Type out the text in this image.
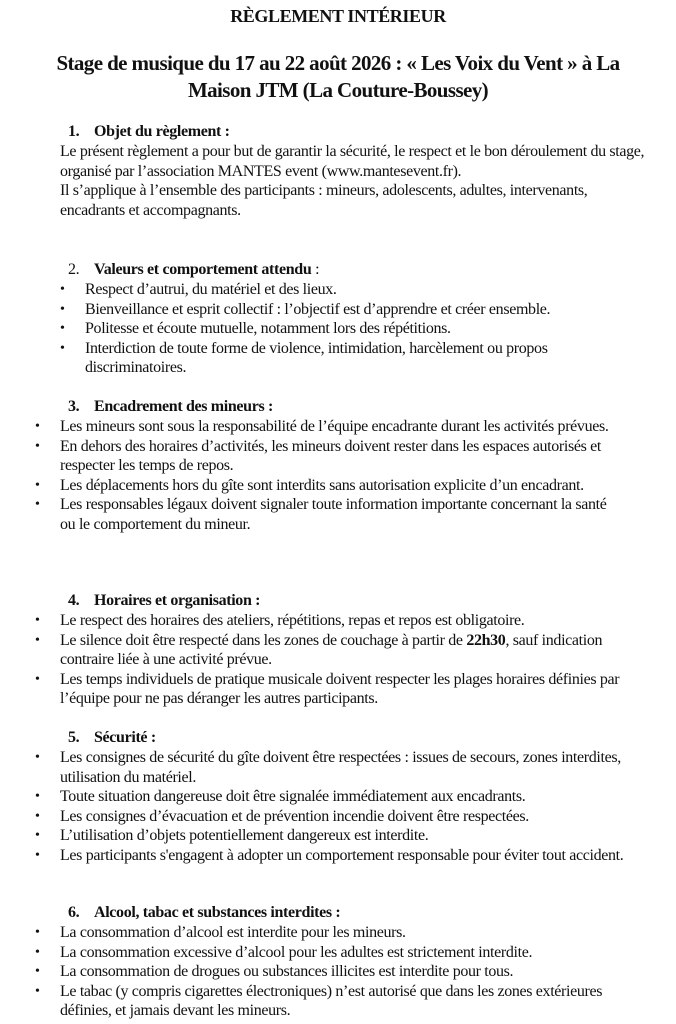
RÈGLEMENT INTÉRIEUR
Stage de musique du 17 au 22 août 2026 : « Les Voix du Vent » à La
Maison JTM (La Couture-Boussey)
1. Objet du règlement :
Le présent règlement a pour but de garantir la sécurité, le respect et le bon déroulement du stage, organisé par l’association MANTES event (www.mantesevent.fr).
Il s’applique à l’ensemble des participants : mineurs, adolescents, adultes, intervenants, encadrants et accompagnants.
2. Valeurs et comportement attendu :
• Respect d’autrui, du matériel et des lieux.
• Bienveillance et esprit collectif : l’objectif est d’apprendre et créer ensemble.
• Politesse et écoute mutuelle, notamment lors des répétitions.
• Interdiction de toute forme de violence, intimidation, harcèlement ou propos discriminatoires.
3. Encadrement des mineurs :
• Les mineurs sont sous la responsabilité de l’équipe encadrante durant les activités prévues.
• En dehors des horaires d’activités, les mineurs doivent rester dans les espaces autorisés et respecter les temps de repos.
• Les déplacements hors du gîte sont interdits sans autorisation explicite d’un encadrant.
• Les responsables légaux doivent signaler toute information importante concernant la santé ou le comportement du mineur.
4. Horaires et organisation :
• Le respect des horaires des ateliers, répétitions, repas et repos est obligatoire.
• Le silence doit être respecté dans les zones de couchage à partir de 22h30, sauf indication contraire liée à une activité prévue.
• Les temps individuels de pratique musicale doivent respecter les plages horaires définies par l’équipe pour ne pas déranger les autres participants.
5. Sécurité :
• Les consignes de sécurité du gîte doivent être respectées : issues de secours, zones interdites, utilisation du matériel.
• Toute situation dangereuse doit être signalée immédiatement aux encadrants.
• Les consignes d’évacuation et de prévention incendie doivent être respectées.
• L’utilisation d’objets potentiellement dangereux est interdite.
• Les participants s'engagent à adopter un comportement responsable pour éviter tout accident.
6. Alcool, tabac et substances interdites :
• La consommation d’alcool est interdite pour les mineurs.
• La consommation excessive d’alcool pour les adultes est strictement interdite.
• La consommation de drogues ou substances illicites est interdite pour tous.
• Le tabac (y compris cigarettes électroniques) n’est autorisé que dans les zones extérieures définies, et jamais devant les mineurs.
